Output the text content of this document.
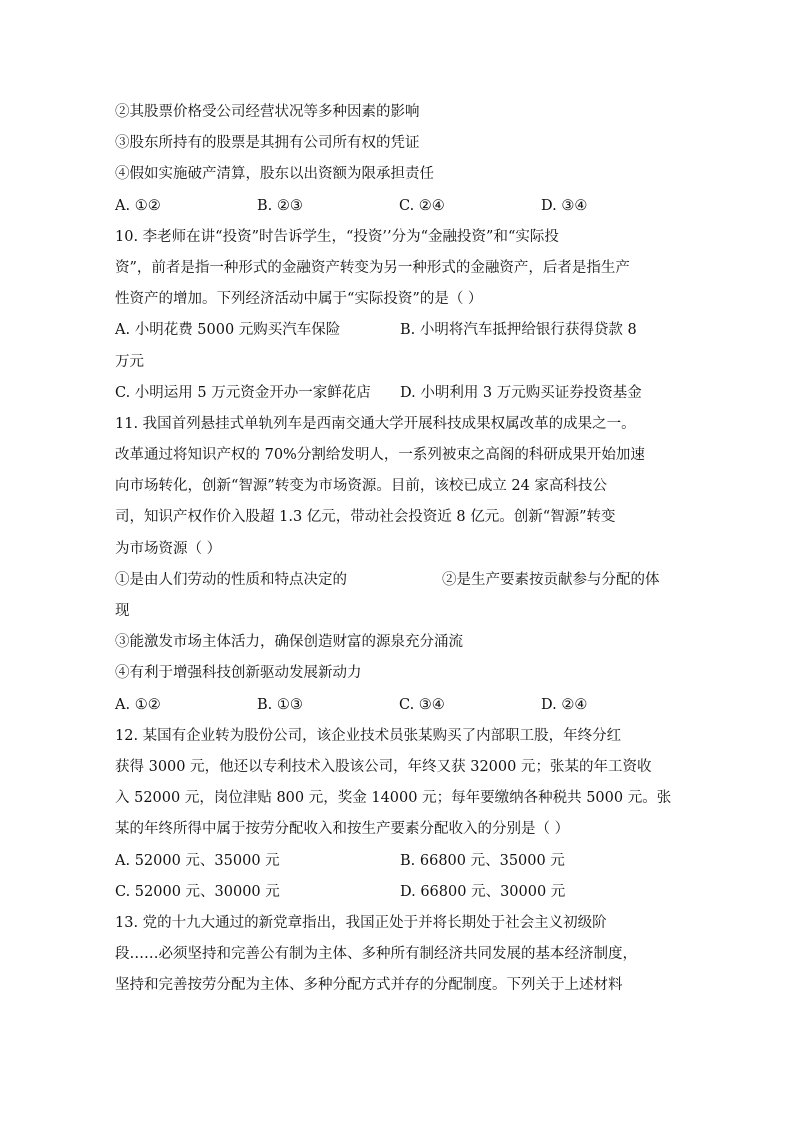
②其股票价格受公司经营状况等多种因素的影响
③股东所持有的股票是其拥有公司所有权的凭证
④假如实施破产清算，股东以出资额为限承担责任
A. ①②	B. ②③	C. ②④	D. ③④
10. 李老师在讲“投资”时告诉学生，“投资’’分为“金融投资”和“实际投
资”，前者是指一种形式的金融资产转变为另一种形式的金融资产，后者是指生产
性资产的增加。下列经济活动中属于“实际投资”的是（ ）
A. 小明花费 5000 元购买汽车保险	B. 小明将汽车抵押给银行获得贷款 8
万元
C. 小明运用 5 万元资金开办一家鲜花店	D. 小明利用 3 万元购买证券投资基金
11. 我国首列悬挂式单轨列车是西南交通大学开展科技成果权属改革的成果之一。
改革通过将知识产权的 70%分割给发明人，一系列被束之高阁的科研成果开始加速
向市场转化，创新“智源”转变为市场资源。目前，该校已成立 24 家高科技公
司，知识产权作价入股超 1.3 亿元，带动社会投资近 8 亿元。创新“智源”转变
为市场资源（ ）
①是由人们劳动的性质和特点决定的	②是生产要素按贡献参与分配的体
现
③能激发市场主体活力，确保创造财富的源泉充分涌流
④有利于增强科技创新驱动发展新动力
A. ①②	B. ①③	C. ③④	D. ②④
12. 某国有企业转为股份公司，该企业技术员张某购买了内部职工股，年终分红
获得 3000 元，他还以专利技术入股该公司，年终又获 32000 元；张某的年工资收
入 52000 元，岗位津贴 800 元，奖金 14000 元；每年要缴纳各种税共 5000 元。张
某的年终所得中属于按劳分配收入和按生产要素分配收入的分别是（ ）
A. 52000 元、35000 元	B. 66800 元、35000 元
C. 52000 元、30000 元	D. 66800 元、30000 元
13. 党的十九大通过的新党章指出，我国正处于并将长期处于社会主义初级阶
段……必须坚持和完善公有制为主体、多种所有制经济共同发展的基本经济制度，
坚持和完善按劳分配为主体、多种分配方式并存的分配制度。下列关于上述材料
